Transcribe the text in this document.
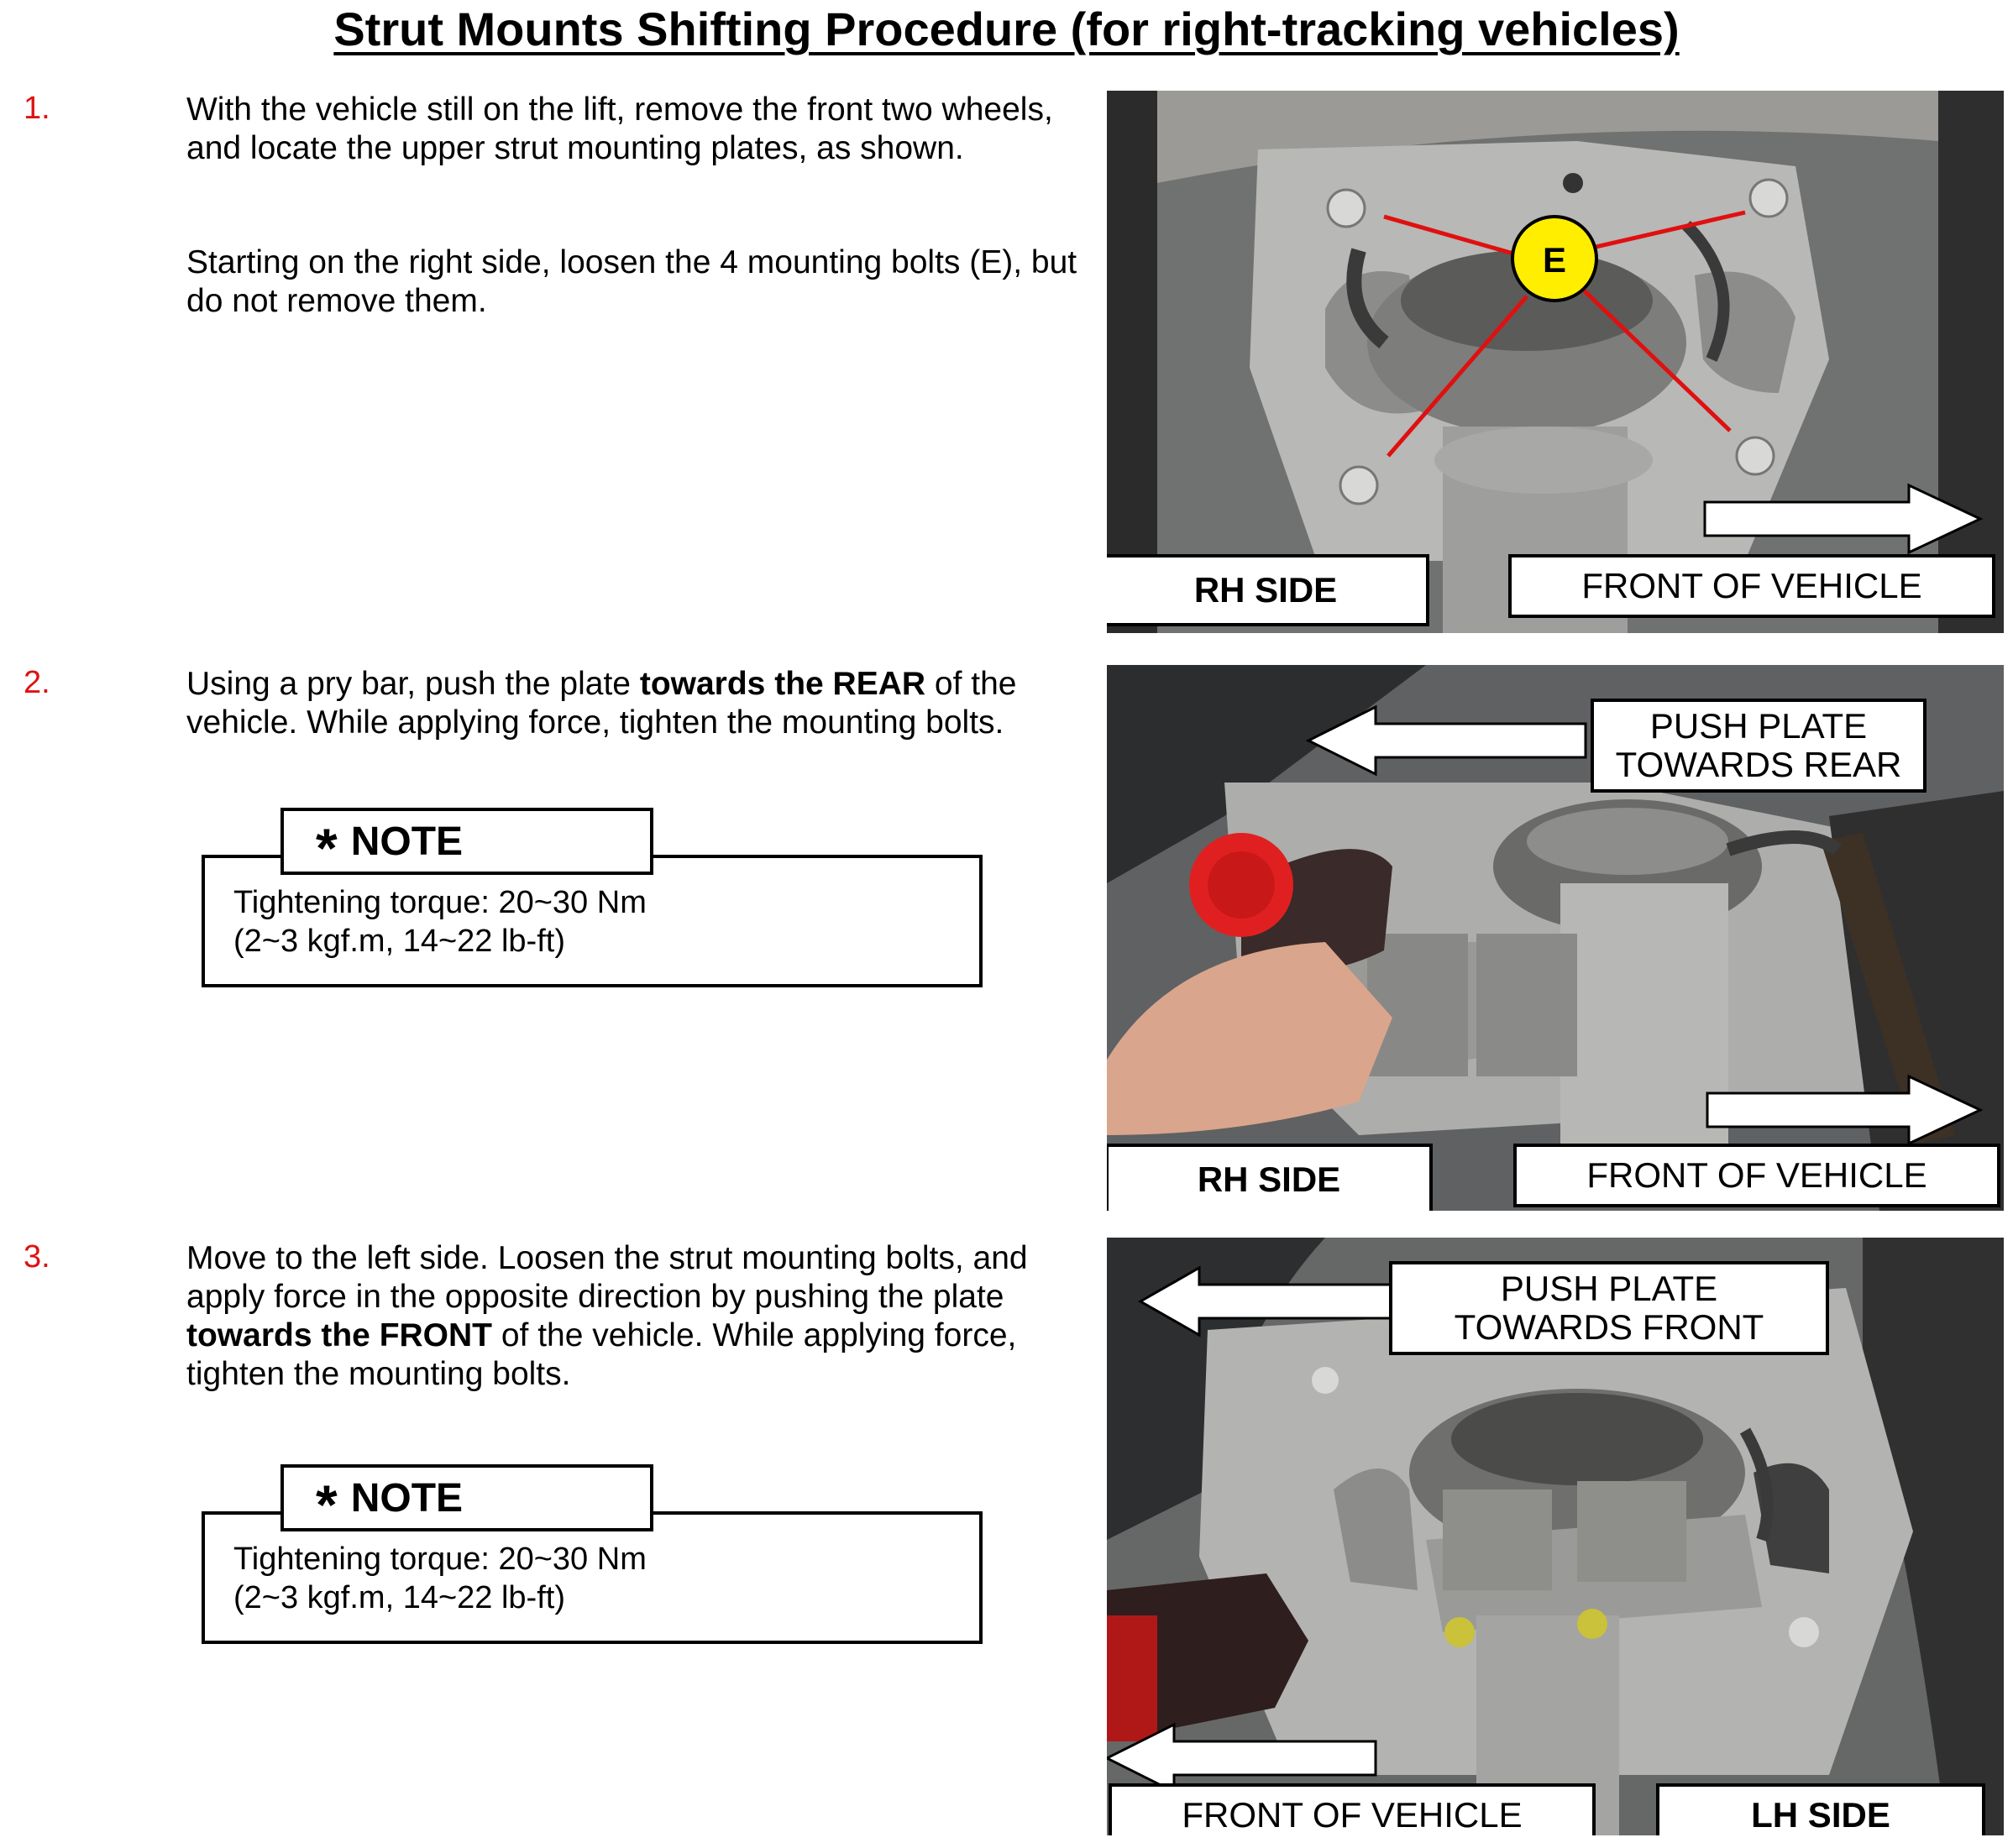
Strut Mounts Shifting Procedure (for right-tracking vehicles)
1.	With the vehicle still on the lift, remove the front two wheels, and locate the upper strut mounting plates, as shown.

Starting on the right side, loosen the 4 mounting bolts (E), but do not remove them.

E
RH SIDE	FRONT OF VEHICLE
2.	Using a pry bar, push the plate towards the REAR of the vehicle. While applying force, tighten the mounting bolts.

Tightening torque: 20~30 Nm
(2~3 kgf.m, 14~22 lb-ft)
* NOTE
PUSH PLATE
TOWARDS REAR
RH SIDE	FRONT OF VEHICLE
3.	Move to the left side. Loosen the strut mounting bolts, and apply force in the opposite direction by pushing the plate towards the FRONT of the vehicle. While applying force, tighten the mounting bolts.

Tightening torque: 20~30 Nm
(2~3 kgf.m, 14~22 lb-ft)
* NOTE
PUSH PLATE
TOWARDS FRONT
FRONT OF VEHICLE	LH SIDE
